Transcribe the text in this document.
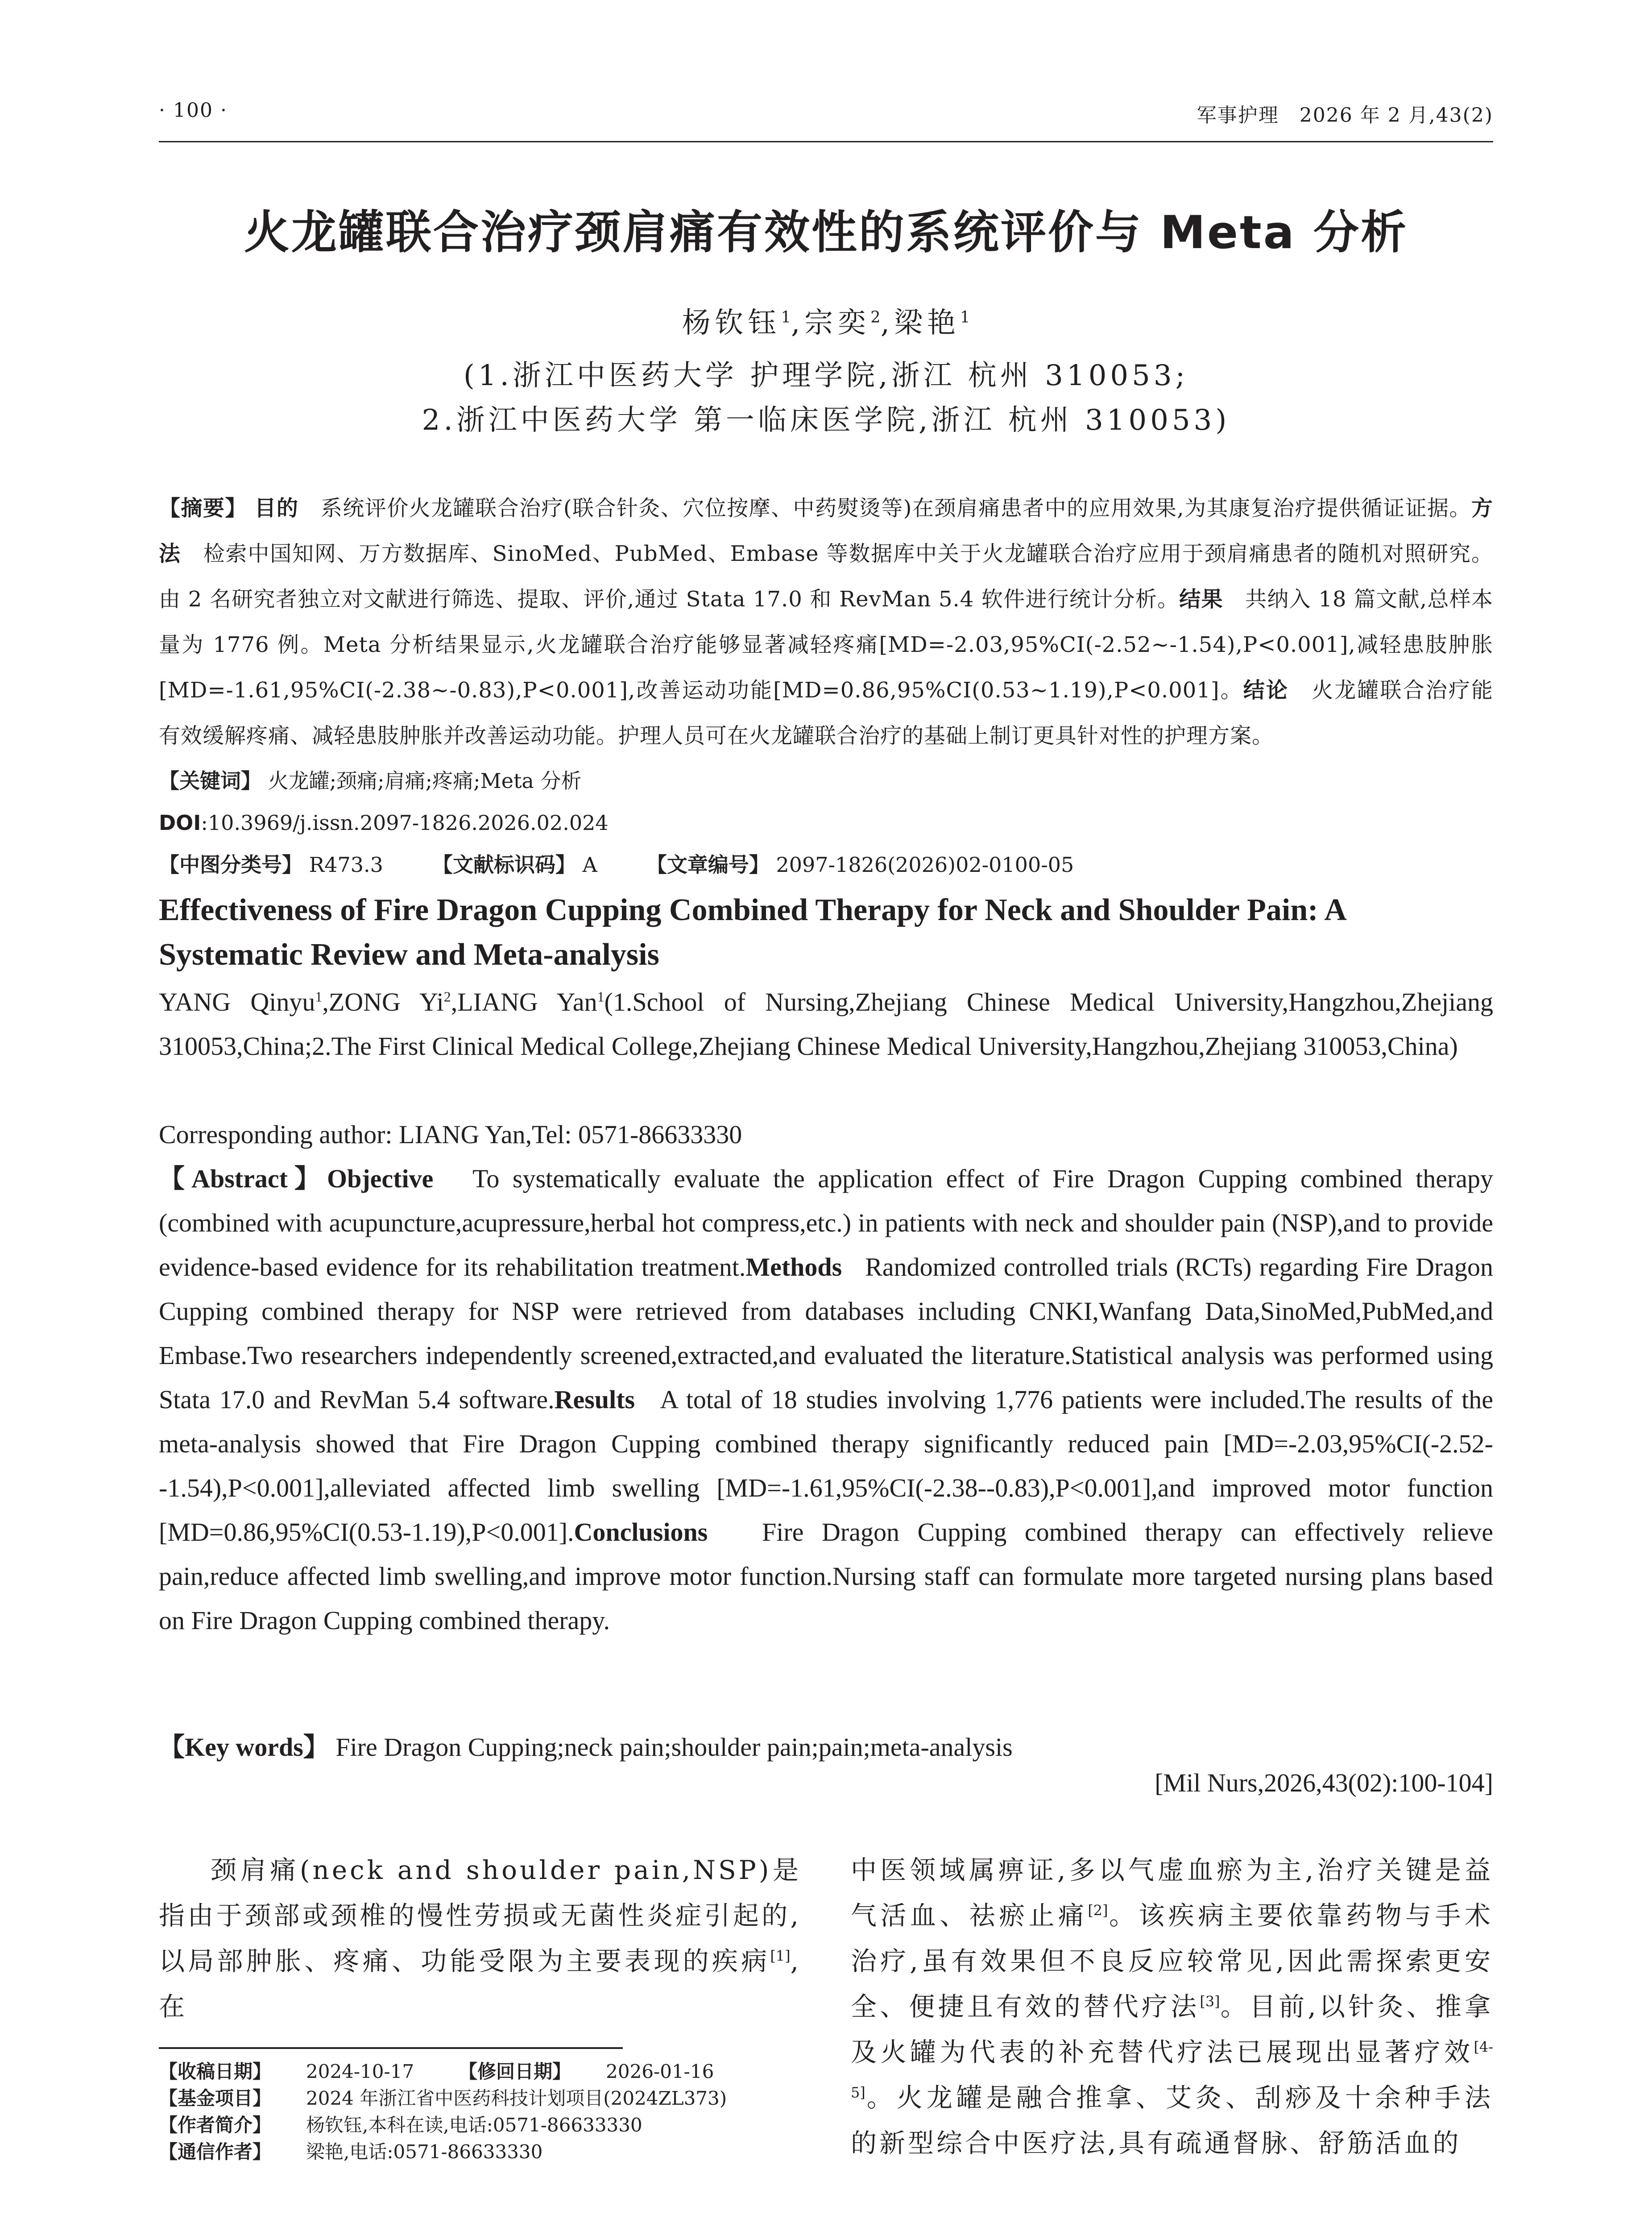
· 100 ·	军事护理　2026 年 2 月,43(2)
火龙罐联合治疗颈肩痛有效性的系统评价与 Meta 分析
杨钦钰$^1$,宗奕$^2$,梁艳$^1$
(1.浙江中医药大学 护理学院,浙江 杭州 310053;
2.浙江中医药大学 第一临床医学院,浙江 杭州 310053)
【摘要】 目的　 系统评价火龙罐联合治疗(联合针灸、穴位按摩、中药熨烫等)在颈肩痛患者中的应用效果,为其康复治疗提供循证证据。方法　 检索中国知网、万方数据库、SinoMed、PubMed、Embase 等数据库中关于火龙罐联合治疗应用于颈肩痛患者的随机对照研究。由 2 名研究者独立对文献进行筛选、提取、评价,通过 Stata 17.0 和 RevMan 5.4 软件进行统计分析。结果　 共纳入 18 篇文献,总样本量为 1776 例。Meta 分析结果显示,火龙罐联合治疗能够显著减轻疼痛[MD=-2.03,95%CI(-2.52~-1.54),P<0.001],减轻患肢肿胀[MD=-1.61,95%CI(-2.38~-0.83),P<0.001],改善运动功能[MD=0.86,95%CI(0.53~1.19),P<0.001]。结论　 火龙罐联合治疗能有效缓解疼痛、减轻患肢肿胀并改善运动功能。护理人员可在火龙罐联合治疗的基础上制订更具针对性的护理方案。
【关键词】 火龙罐;颈痛;肩痛;疼痛;Meta 分析
DOI:10.3969/j.issn.2097-1826.2026.02.024
【中图分类号】 R473.3 【文献标识码】 A 【文章编号】 2097-1826(2026)02-0100-05
Effectiveness of Fire Dragon Cupping Combined Therapy for Neck and Shoulder Pain: A Systematic Review and Meta-analysis
YANG Qinyu$^1$,ZONG Yi$^2$,LIANG Yan$^1$(1.School of Nursing,Zhejiang Chinese Medical University,Hangzhou,Zhejiang 310053,China;2.The First Clinical Medical College,Zhejiang Chinese Medical University,Hangzhou,Zhejiang 310053,China)
Corresponding author: LIANG Yan,Tel: 0571-86633330
【Abstract】Objective To systematically evaluate the application effect of Fire Dragon Cupping combined therapy (combined with acupuncture,acupressure,herbal hot compress,etc.) in patients with neck and shoulder pain (NSP),and to provide evidence-based evidence for its rehabilitation treatment.Methods Randomized controlled trials (RCTs) regarding Fire Dragon Cupping combined therapy for NSP were retrieved from databases including CNKI,Wanfang Data,SinoMed,PubMed,and Embase.Two researchers independently screened,extracted,and evaluated the literature.Statistical analysis was performed using Stata 17.0 and RevMan 5.4 software.Results A total of 18 studies involving 1,776 patients were included.The results of the meta-analysis showed that Fire Dragon Cupping combined therapy significantly reduced pain [MD=-2.03,95%CI(-2.52--1.54),P<0.001],alleviated affected limb swelling [MD=-1.61,95%CI(-2.38--0.83),P<0.001],and improved motor function [MD=0.86,95%CI(0.53-1.19),P<0.001].Conclusions Fire Dragon Cupping combined therapy can effectively relieve pain,reduce affected limb swelling,and improve motor function.Nursing staff can formulate more targeted nursing plans based on Fire Dragon Cupping combined therapy.
【Key words】 Fire Dragon Cupping;neck pain;shoulder pain;pain;meta-analysis
[Mil Nurs,2026,43(02):100-104]
颈肩痛(neck and shoulder pain,NSP)是指由于颈部或颈椎的慢性劳损或无菌性炎症引起的,以局部肿胀、疼痛、功能受限为主要表现的疾病[1],在
【收稿日期】 2024-10-17 【修回日期】 2026-01-16
【基金项目】 2024 年浙江省中医药科技计划项目(2024ZL373)
【作者简介】 杨钦钰,本科在读,电话:0571-86633330
【通信作者】 梁艳,电话:0571-86633330
中医领域属痹证,多以气虚血瘀为主,治疗关键是益气活血、祛瘀止痛[2]。该疾病主要依靠药物与手术治疗,虽有效果但不良反应较常见,因此需探索更安全、便捷且有效的替代疗法[3]。目前,以针灸、推拿及火罐为代表的补充替代疗法已展现出显著疗效[4-5]。火龙罐是融合推拿、艾灸、刮痧及十余种手法的新型综合中医疗法,具有疏通督脉、舒筋活血的
